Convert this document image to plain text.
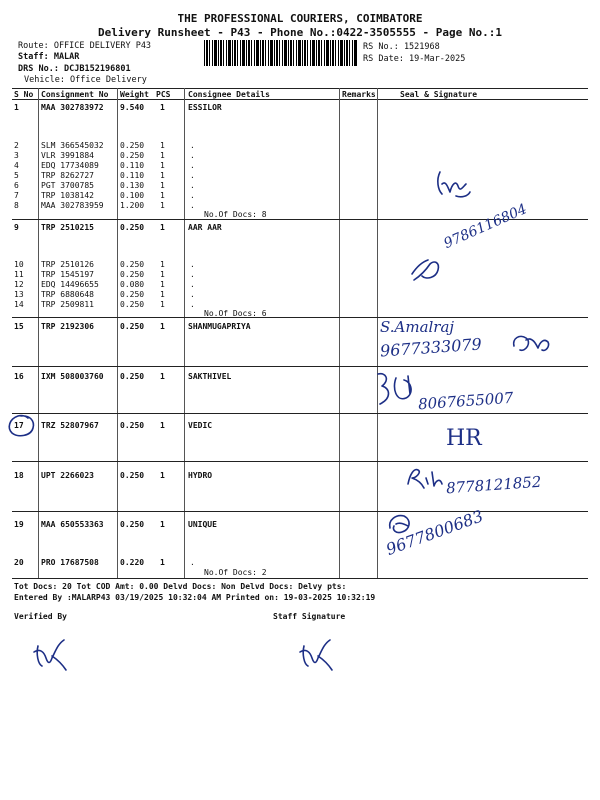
THE PROFESSIONAL COURIERS, COIMBATORE
Delivery Runsheet - P43 - Phone No.:0422-3505555 - Page No.:1
Route: OFFICE DELIVERY P43
Staff: MALAR
DRS No.: DCJB152196801
Vehicle: Office Delivery
RS No.: 1521968
RS Date: 19-Mar-2025
S No Consignment No Weight PCS Consignee Details	Remarks	Seal & Signature
1	MAA 302783972 9.540 1	ESSILOR
2	SLM 366545032 0.250 1	.
3	VLR 3991884	0.250 1	.
4	EDQ 17734089	0.110 1	.
5	TRP 8262727	0.110 1	.
6	PGT 3700785	0.130 1	.
7	TRP 1038142	0.100 1	.
8	MAA 302783959 1.200 1	.
No.Of Docs: 8
9	TRP 2510215	0.250 1	AAR AAR
10 TRP 2510126	0.250 1	.
11 TRP 1545197	0.250 1	.
12 EDQ 14496655	0.080 1	.
13 TRP 6880648	0.250 1	.
14 TRP 2509811	0.250 1	.
No.Of Docs: 6
15 TRP 2192306	0.250 1	SHANMUGAPRIYA
16 IXM 508003760 0.250 1	SAKTHIVEL
17 TRZ 52807967	0.250 1	VEDIC
18 UPT 2266023	0.250 1	HYDRO
19 MAA 650553363 0.250 1	UNIQUE
20 PRO 17687508	0.220 1	.
No.Of Docs: 2
9786116804
S.Amalraj
9677333079
8067655007
HR
8778121852
9677800683
Tot Docs: 20 Tot COD Amt: 0.00 Delvd Docs: Non Delvd Docs: Delvy pts:
Entered By :MALARP43 03/19/2025 10:32:04 AM Printed on: 19-03-2025 10:32:19
Verified By	Staff Signature
